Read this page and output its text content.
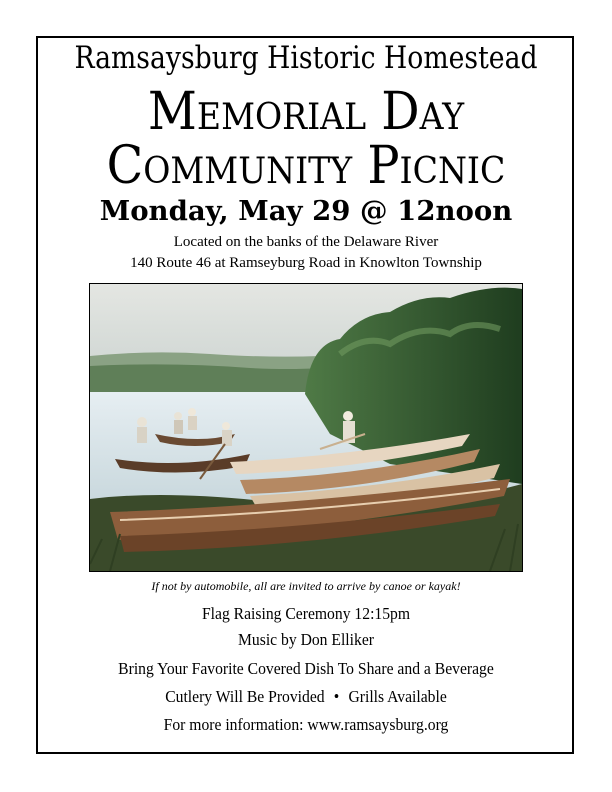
Ramsaysburg Historic Homestead
Memorial Day
Community Picnic
Monday, May 29 @ 12noon
Located on the banks of the Delaware River
140 Route 46 at Ramseyburg Road in Knowlton Township
If not by automobile, all are invited to arrive by canoe or kayak!
Flag Raising Ceremony 12:15pm
Music by Don Elliker
Bring Your Favorite Covered Dish To Share and a Beverage
Cutlery Will Be Provided • Grills Available
For more information: www.ramsaysburg.org
